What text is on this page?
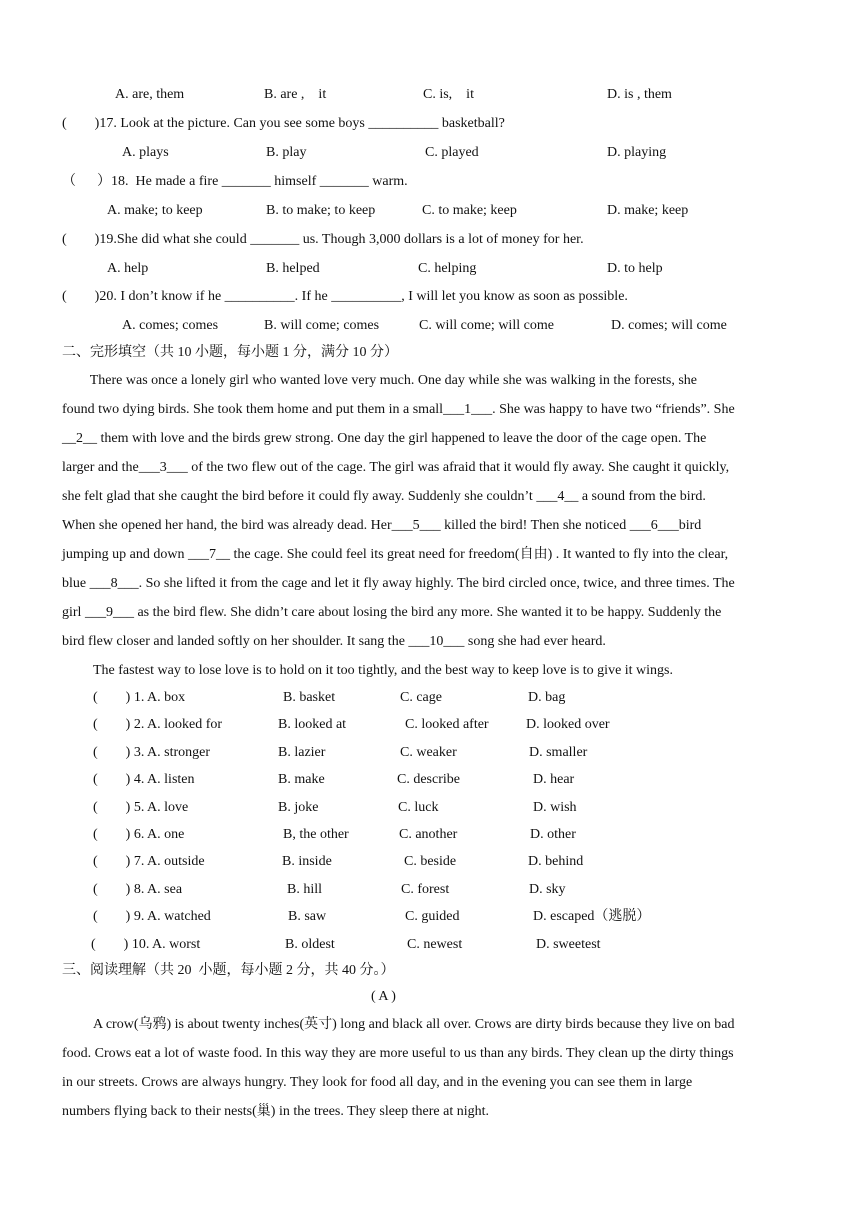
A. are, them	B. are ,    it	C. is,    it	D. is , them
(        )17. Look at the picture. Can you see some boys __________ basketball?
A. plays	B. play	C. played	D. playing
（      ）18.  He made a fire _______ himself _______ warm.
A. make; to keep	B. to make; to keep	C. to make; keep	D. make; keep
(        )19.She did what she could _______ us. Though 3,000 dollars is a lot of money for her.
A. help	B. helped	C. helping	D. to help
(        )20. I don’t know if he __________. If he __________, I will let you know as soon as possible.
A. comes; comes	B. will come; comes	C. will come; will come	D. comes; will come
二、完形填空（共 10 小题，每小题 1 分，满分 10 分）
There was once a lonely girl who wanted love very much. One day while she was walking in the forests, she
found two dying birds. She took them home and put them in a small___1___. She was happy to have two “friends”. She
__2__ them with love and the birds grew strong. One day the girl happened to leave the door of the cage open. The
larger and the___3___ of the two flew out of the cage. The girl was afraid that it would fly away. She caught it quickly,
she felt glad that she caught the bird before it could fly away. Suddenly she couldn’t ___4__ a sound from the bird.
When she opened her hand, the bird was already dead. Her___5___ killed the bird! Then she noticed ___6___bird
jumping up and down ___7__ the cage. She could feel its great need for freedom(自由) . It wanted to fly into the clear,
blue ___8___. So she lifted it from the cage and let it fly away highly. The bird circled once, twice, and three times. The
girl ___9___ as the bird flew. She didn’t care about losing the bird any more. She wanted it to be happy. Suddenly the
bird flew closer and landed softly on her shoulder. It sang the ___10___ song she had ever heard.
The fastest way to lose love is to hold on it too tightly, and the best way to keep love is to give it wings.
(        ) 1. A. box	B. basket	C. cage	D. bag
(        ) 2. A. looked for	B. looked at	C. looked after	D. looked over
(        ) 3. A. stronger	B. lazier	C. weaker	D. smaller
(        ) 4. A. listen	B. make	C. describe	D. hear
(        ) 5. A. love	B. joke	C. luck	D. wish
(        ) 6. A. one	B, the other	C. another	D. other
(        ) 7. A. outside	B. inside	C. beside	D. behind
(        ) 8. A. sea	B. hill	C. forest	D. sky
(        ) 9. A. watched	B. saw	C. guided	D. escaped（逃脱）
(        ) 10. A. worst	B. oldest	C. newest	D. sweetest
三、阅读理解（共 20  小题，每小题 2 分，共 40 分。）
( A )
A crow(乌鸦) is about twenty inches(英寸) long and black all over. Crows are dirty birds because they live on bad
food. Crows eat a lot of waste food. In this way they are more useful to us than any birds. They clean up the dirty things
in our streets. Crows are always hungry. They look for food all day, and in the evening you can see them in large
numbers flying back to their nests(巢) in the trees. They sleep there at night.
